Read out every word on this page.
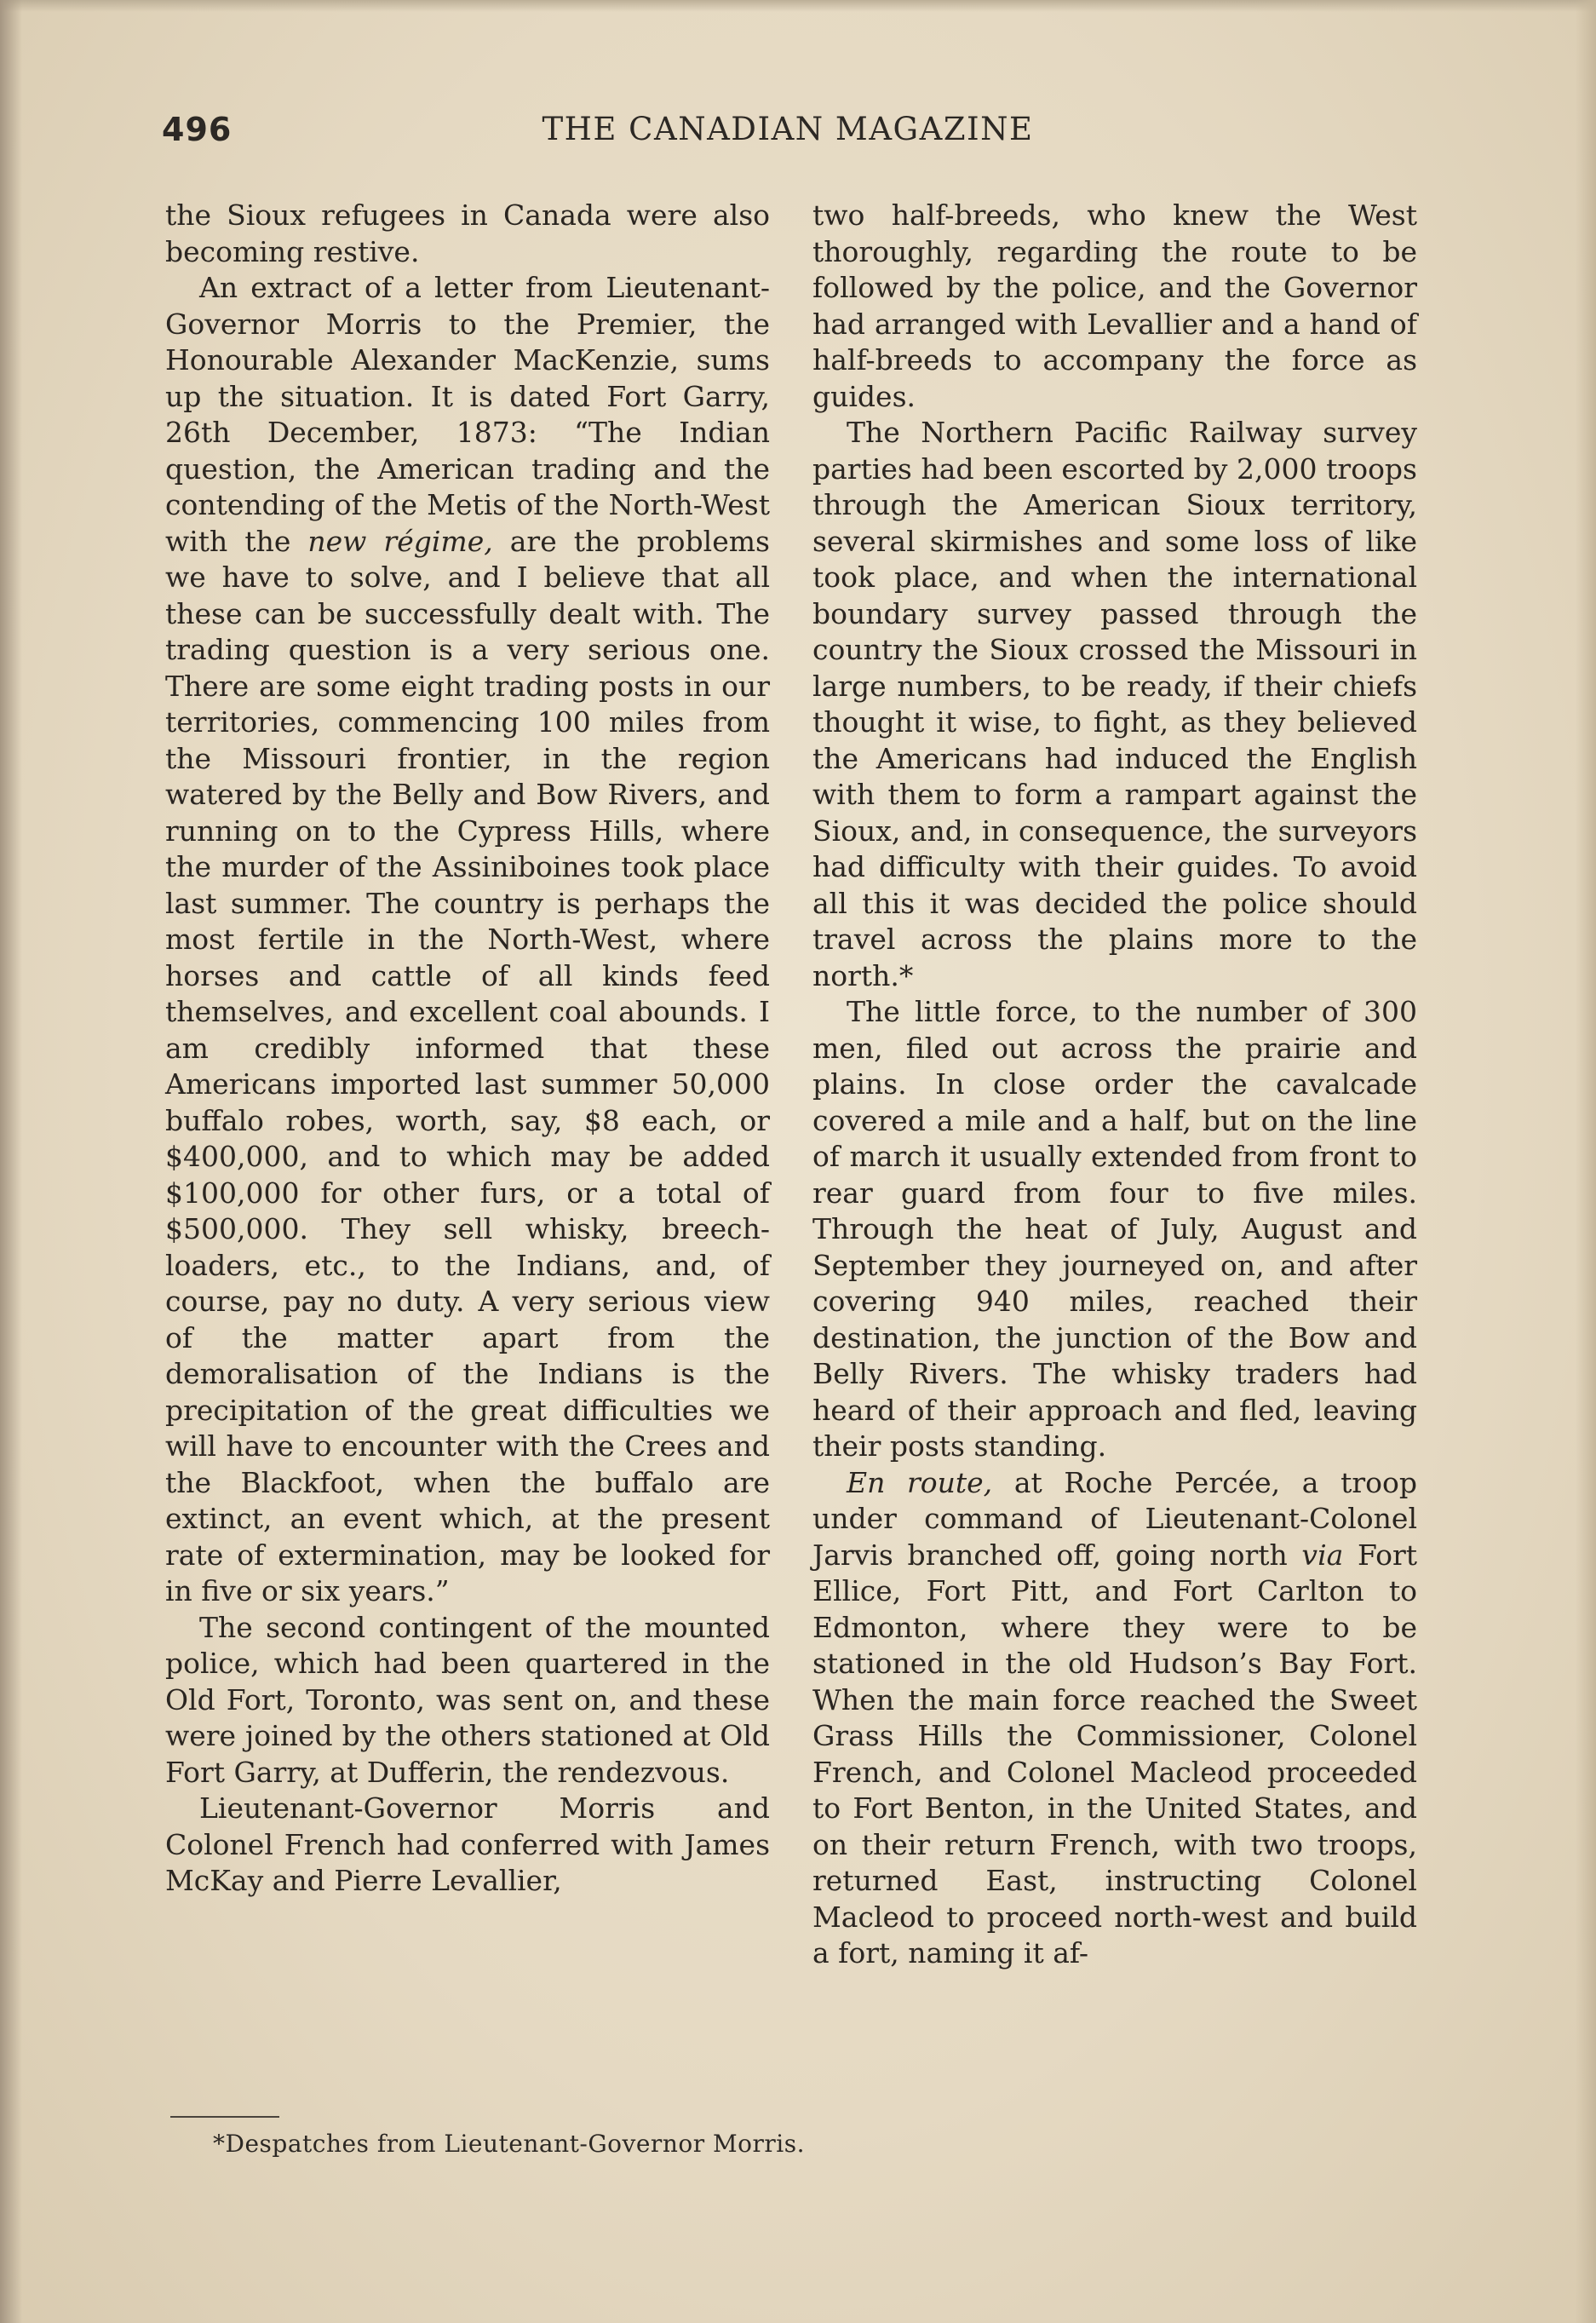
496	THE CANADIAN MAGAZINE

the Sioux refugees in Canada were also becoming restive.

An extract of a letter from Lieutenant-Governor Morris to the Premier, the Honourable Alexander MacKenzie, sums up the situation. It is dated Fort Garry, 26th December, 1873: “The Indian question, the American trading and the contending of the Metis of the North-West with the new régime, are the problems we have to solve, and I believe that all these can be successfully dealt with. The trading question is a very serious one. There are some eight trading posts in our territories, commencing 100 miles from the Missouri frontier, in the region watered by the Belly and Bow Rivers, and running on to the Cypress Hills, where the murder of the Assiniboines took place last summer. The country is perhaps the most fertile in the North-West, where horses and cattle of all kinds feed themselves, and excellent coal abounds. I am credibly informed that these Americans imported last summer 50,000 buffalo robes, worth, say, $8 each, or $400,000, and to which may be added $100,000 for other furs, or a total of $500,000. They sell whisky, breech-loaders, etc., to the Indians, and, of course, pay no duty. A very serious view of the matter apart from the demoralisation of the Indians is the precipitation of the great difficulties we will have to encounter with the Crees and the Blackfoot, when the buffalo are extinct, an event which, at the present rate of extermination, may be looked for in five or six years.”

The second contingent of the mounted police, which had been quartered in the Old Fort, Toronto, was sent on, and these were joined by the others stationed at Old Fort Garry, at Dufferin, the rendezvous.

Lieutenant-Governor Morris and Colonel French had conferred with James McKay and Pierre Levallier,

two half-breeds, who knew the West thoroughly, regarding the route to be followed by the police, and the Governor had arranged with Levallier and a hand of half-breeds to accompany the force as guides.

The Northern Pacific Railway survey parties had been escorted by 2,000 troops through the American Sioux territory, several skirmishes and some loss of like took place, and when the international boundary survey passed through the country the Sioux crossed the Missouri in large numbers, to be ready, if their chiefs thought it wise, to fight, as they believed the Americans had induced the English with them to form a rampart against the Sioux, and, in consequence, the surveyors had difficulty with their guides. To avoid all this it was decided the police should travel across the plains more to the north.*

The little force, to the number of 300 men, filed out across the prairie and plains. In close order the cavalcade covered a mile and a half, but on the line of march it usually extended from front to rear guard from four to five miles. Through the heat of July, August and September they journeyed on, and after covering 940 miles, reached their destination, the junction of the Bow and Belly Rivers. The whisky traders had heard of their approach and fled, leaving their posts standing.

En route, at Roche Percée, a troop under command of Lieutenant-Colonel Jarvis branched off, going north via Fort Ellice, Fort Pitt, and Fort Carlton to Edmonton, where they were to be stationed in the old Hudson’s Bay Fort. When the main force reached the Sweet Grass Hills the Commissioner, Colonel French, and Colonel Macleod proceeded to Fort Benton, in the United States, and on their return French, with two troops, returned East, instructing Colonel Macleod to proceed north-west and build a fort, naming it af-

*Despatches from Lieutenant-Governor Morris.
